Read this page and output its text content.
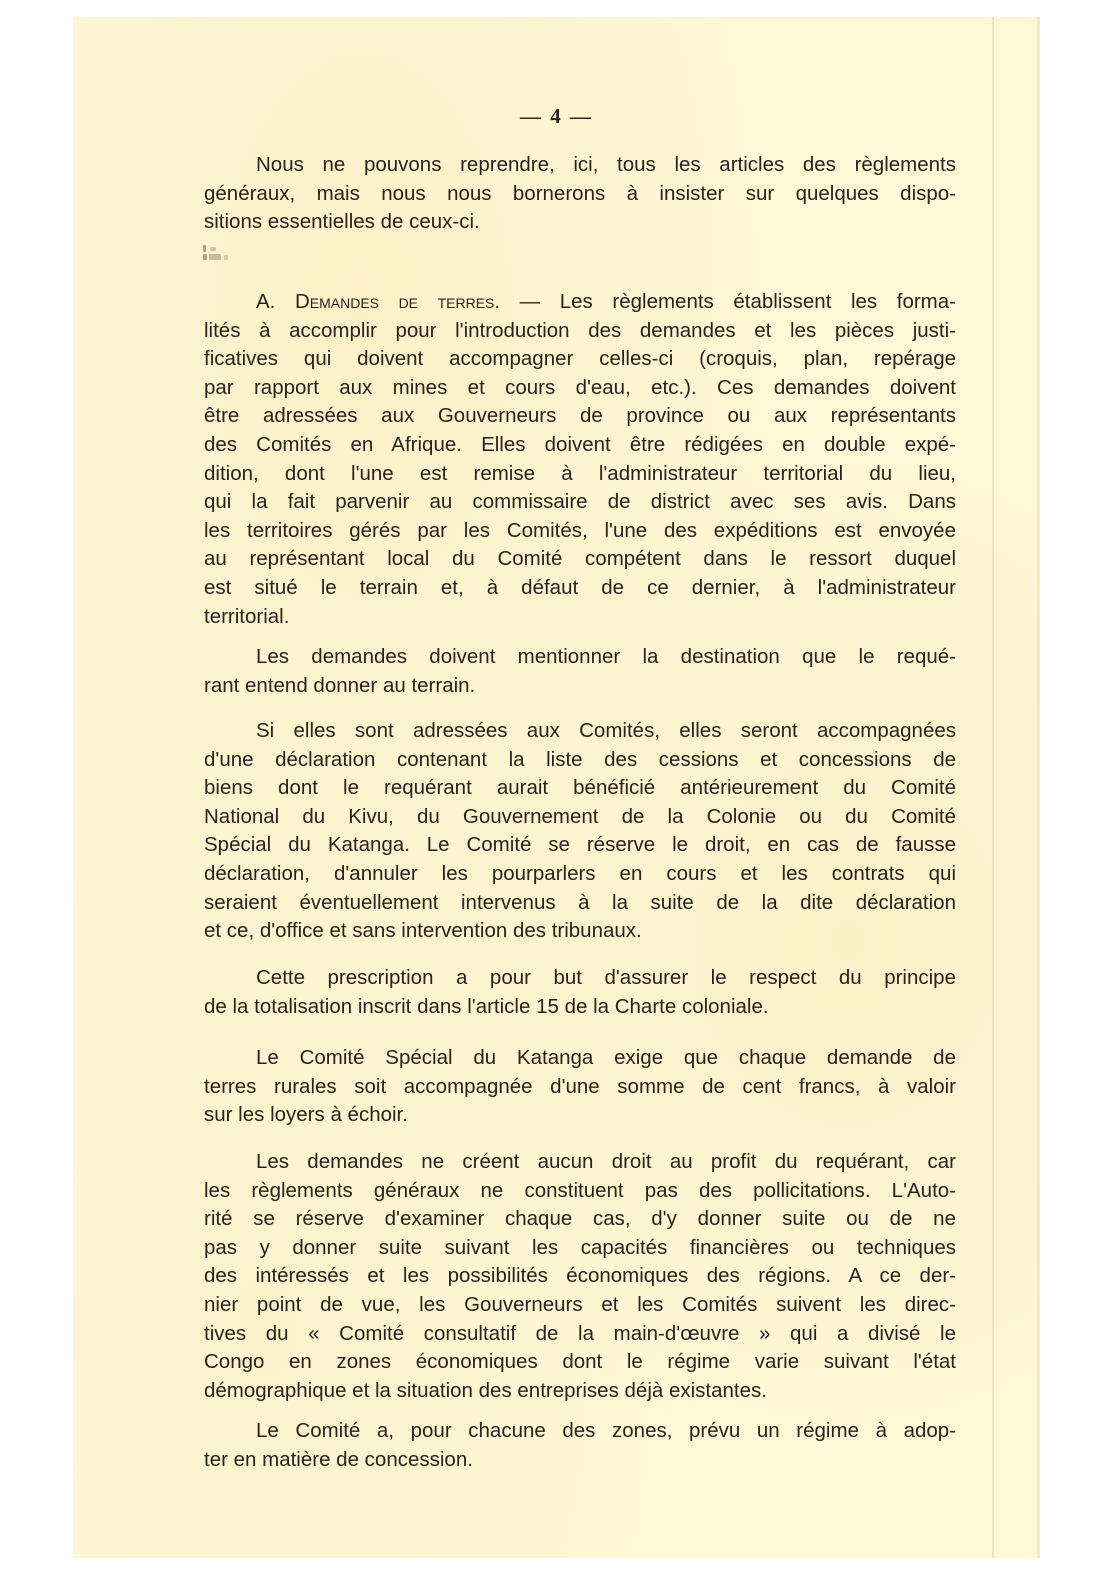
— 4 —
Nous ne pouvons reprendre, ici, tous les articles des règlements
généraux, mais nous nous bornerons à insister sur quelques dispo-
sitions essentielles de ceux-ci.
A. Demandes de terres. — Les règlements établissent les forma-
lités à accomplir pour l'introduction des demandes et les pièces justi-
ficatives qui doivent accompagner celles-ci (croquis, plan, repérage
par rapport aux mines et cours d'eau, etc.). Ces demandes doivent
être adressées aux Gouverneurs de province ou aux représentants
des Comités en Afrique. Elles doivent être rédigées en double expé-
dition, dont l'une est remise à l'administrateur territorial du lieu,
qui la fait parvenir au commissaire de district avec ses avis. Dans
les territoires gérés par les Comités, l'une des expéditions est envoyée
au représentant local du Comité compétent dans le ressort duquel
est situé le terrain et, à défaut de ce dernier, à l'administrateur
territorial.
Les demandes doivent mentionner la destination que le requé-
rant entend donner au terrain.
Si elles sont adressées aux Comités, elles seront accompagnées
d'une déclaration contenant la liste des cessions et concessions de
biens dont le requérant aurait bénéficié antérieurement du Comité
National du Kivu, du Gouvernement de la Colonie ou du Comité
Spécial du Katanga. Le Comité se réserve le droit, en cas de fausse
déclaration, d'annuler les pourparlers en cours et les contrats qui
seraient éventuellement intervenus à la suite de la dite déclaration
et ce, d'office et sans intervention des tribunaux.
Cette prescription a pour but d'assurer le respect du principe
de la totalisation inscrit dans l'article 15 de la Charte coloniale.
Le Comité Spécial du Katanga exige que chaque demande de
terres rurales soit accompagnée d'une somme de cent francs, à valoir
sur les loyers à échoir.
Les demandes ne créent aucun droit au profit du requérant, car
les règlements généraux ne constituent pas des pollicitations. L'Auto-
rité se réserve d'examiner chaque cas, d'y donner suite ou de ne
pas y donner suite suivant les capacités financières ou techniques
des intéressés et les possibilités économiques des régions. A ce der-
nier point de vue, les Gouverneurs et les Comités suivent les direc-
tives du « Comité consultatif de la main-d'œuvre » qui a divisé le
Congo en zones économiques dont le régime varie suivant l'état
démographique et la situation des entreprises déjà existantes.
Le Comité a, pour chacune des zones, prévu un régime à adop-
ter en matière de concession.
